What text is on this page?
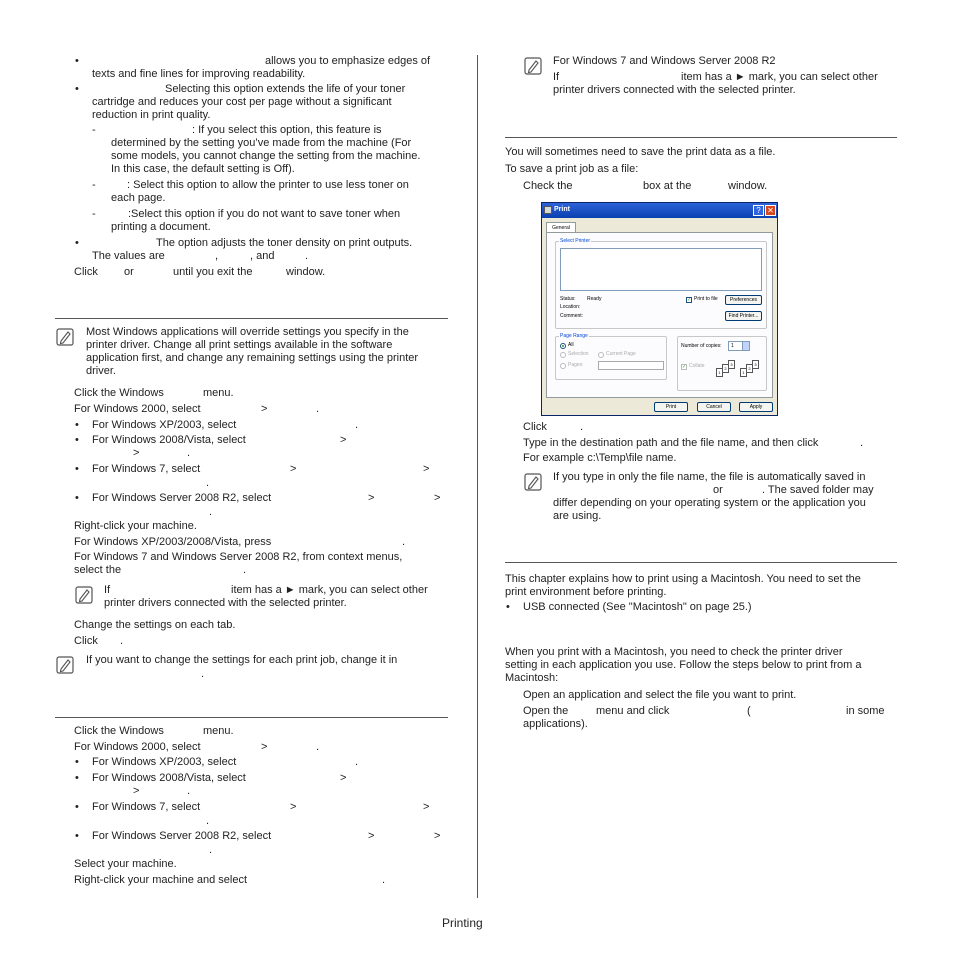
•	allows you to emphasize edges of
texts and fine lines for improving readability.
•	Selecting this option extends the life of your toner
cartridge and reduces your cost per page without a significant
reduction in print quality.
-	: If you select this option, this feature is
determined by the setting you’ve made from the machine (For
some models, you cannot change the setting from the machine.
In this case, the default setting is Off).
-	: Select this option to allow the printer to use less toner on
each page.
-	:Select this option if you do not want to save toner when
printing a document.
•	The option adjusts the toner density on print outputs.
The values are	,	, and	.
Click or	until you exit the	window.
Most Windows applications will override settings you specify in the
printer driver. Change all print settings available in the software
application first, and change any remaining settings using the printer
driver.
Click the Windows	menu.
For Windows 2000, select	>	.
• For Windows XP/2003, select	.
• For Windows 2008/Vista, select	>
>	.
• For Windows 7, select	>	>
.
• For Windows Server 2008 R2, select	>	>
.
Right-click your machine.
For Windows XP/2003/2008/Vista, press	.
For Windows 7 and Windows Server 2008 R2, from context menus,
select the	.
If	item has a ► mark, you can select other
printer drivers connected with the selected printer.
Change the settings on each tab.
Click .
If you want to change the settings for each print job, change it in
.
Click the Windows	menu.
For Windows 2000, select	>	.
• For Windows XP/2003, select	.
• For Windows 2008/Vista, select	>
>	.
• For Windows 7, select	>	>
.
• For Windows Server 2008 R2, select	>	>
.
Select your machine.
Right-click your machine and select	.
For Windows 7 and Windows Server 2008 R2
If	item has a ► mark, you can select other
printer drivers connected with the selected printer.
You will sometimes need to save the print data as a file.
To save a print job as a file:
Check the	box at the	window.
Print	? ✕
General
Select Printer
Status: Ready
Location:
Comment:
✓ Print to file	Preferences
Find Printer...
Page Range
All
Selection	Current Page
Pages:
Number of copies: 1
✓ Collate
1
2
3
1
2
3
Print	Cancel	Apply
Click	.
Type in the destination path and the file name, and then click	.
For example c:\Temp\file name.
If you type in only the file name, the file is automatically saved in
or	. The saved folder may
differ depending on your operating system or the application you
are using.
This chapter explains how to print using a Macintosh. You need to set the
print environment before printing.
• USB connected (See "Macintosh" on page 25.)
When you print with a Macintosh, you need to check the printer driver
setting in each application you use. Follow the steps below to print from a
Macintosh:
Open an application and select the file you want to print.
Open the	menu and click	(	in some
applications).
Printing
